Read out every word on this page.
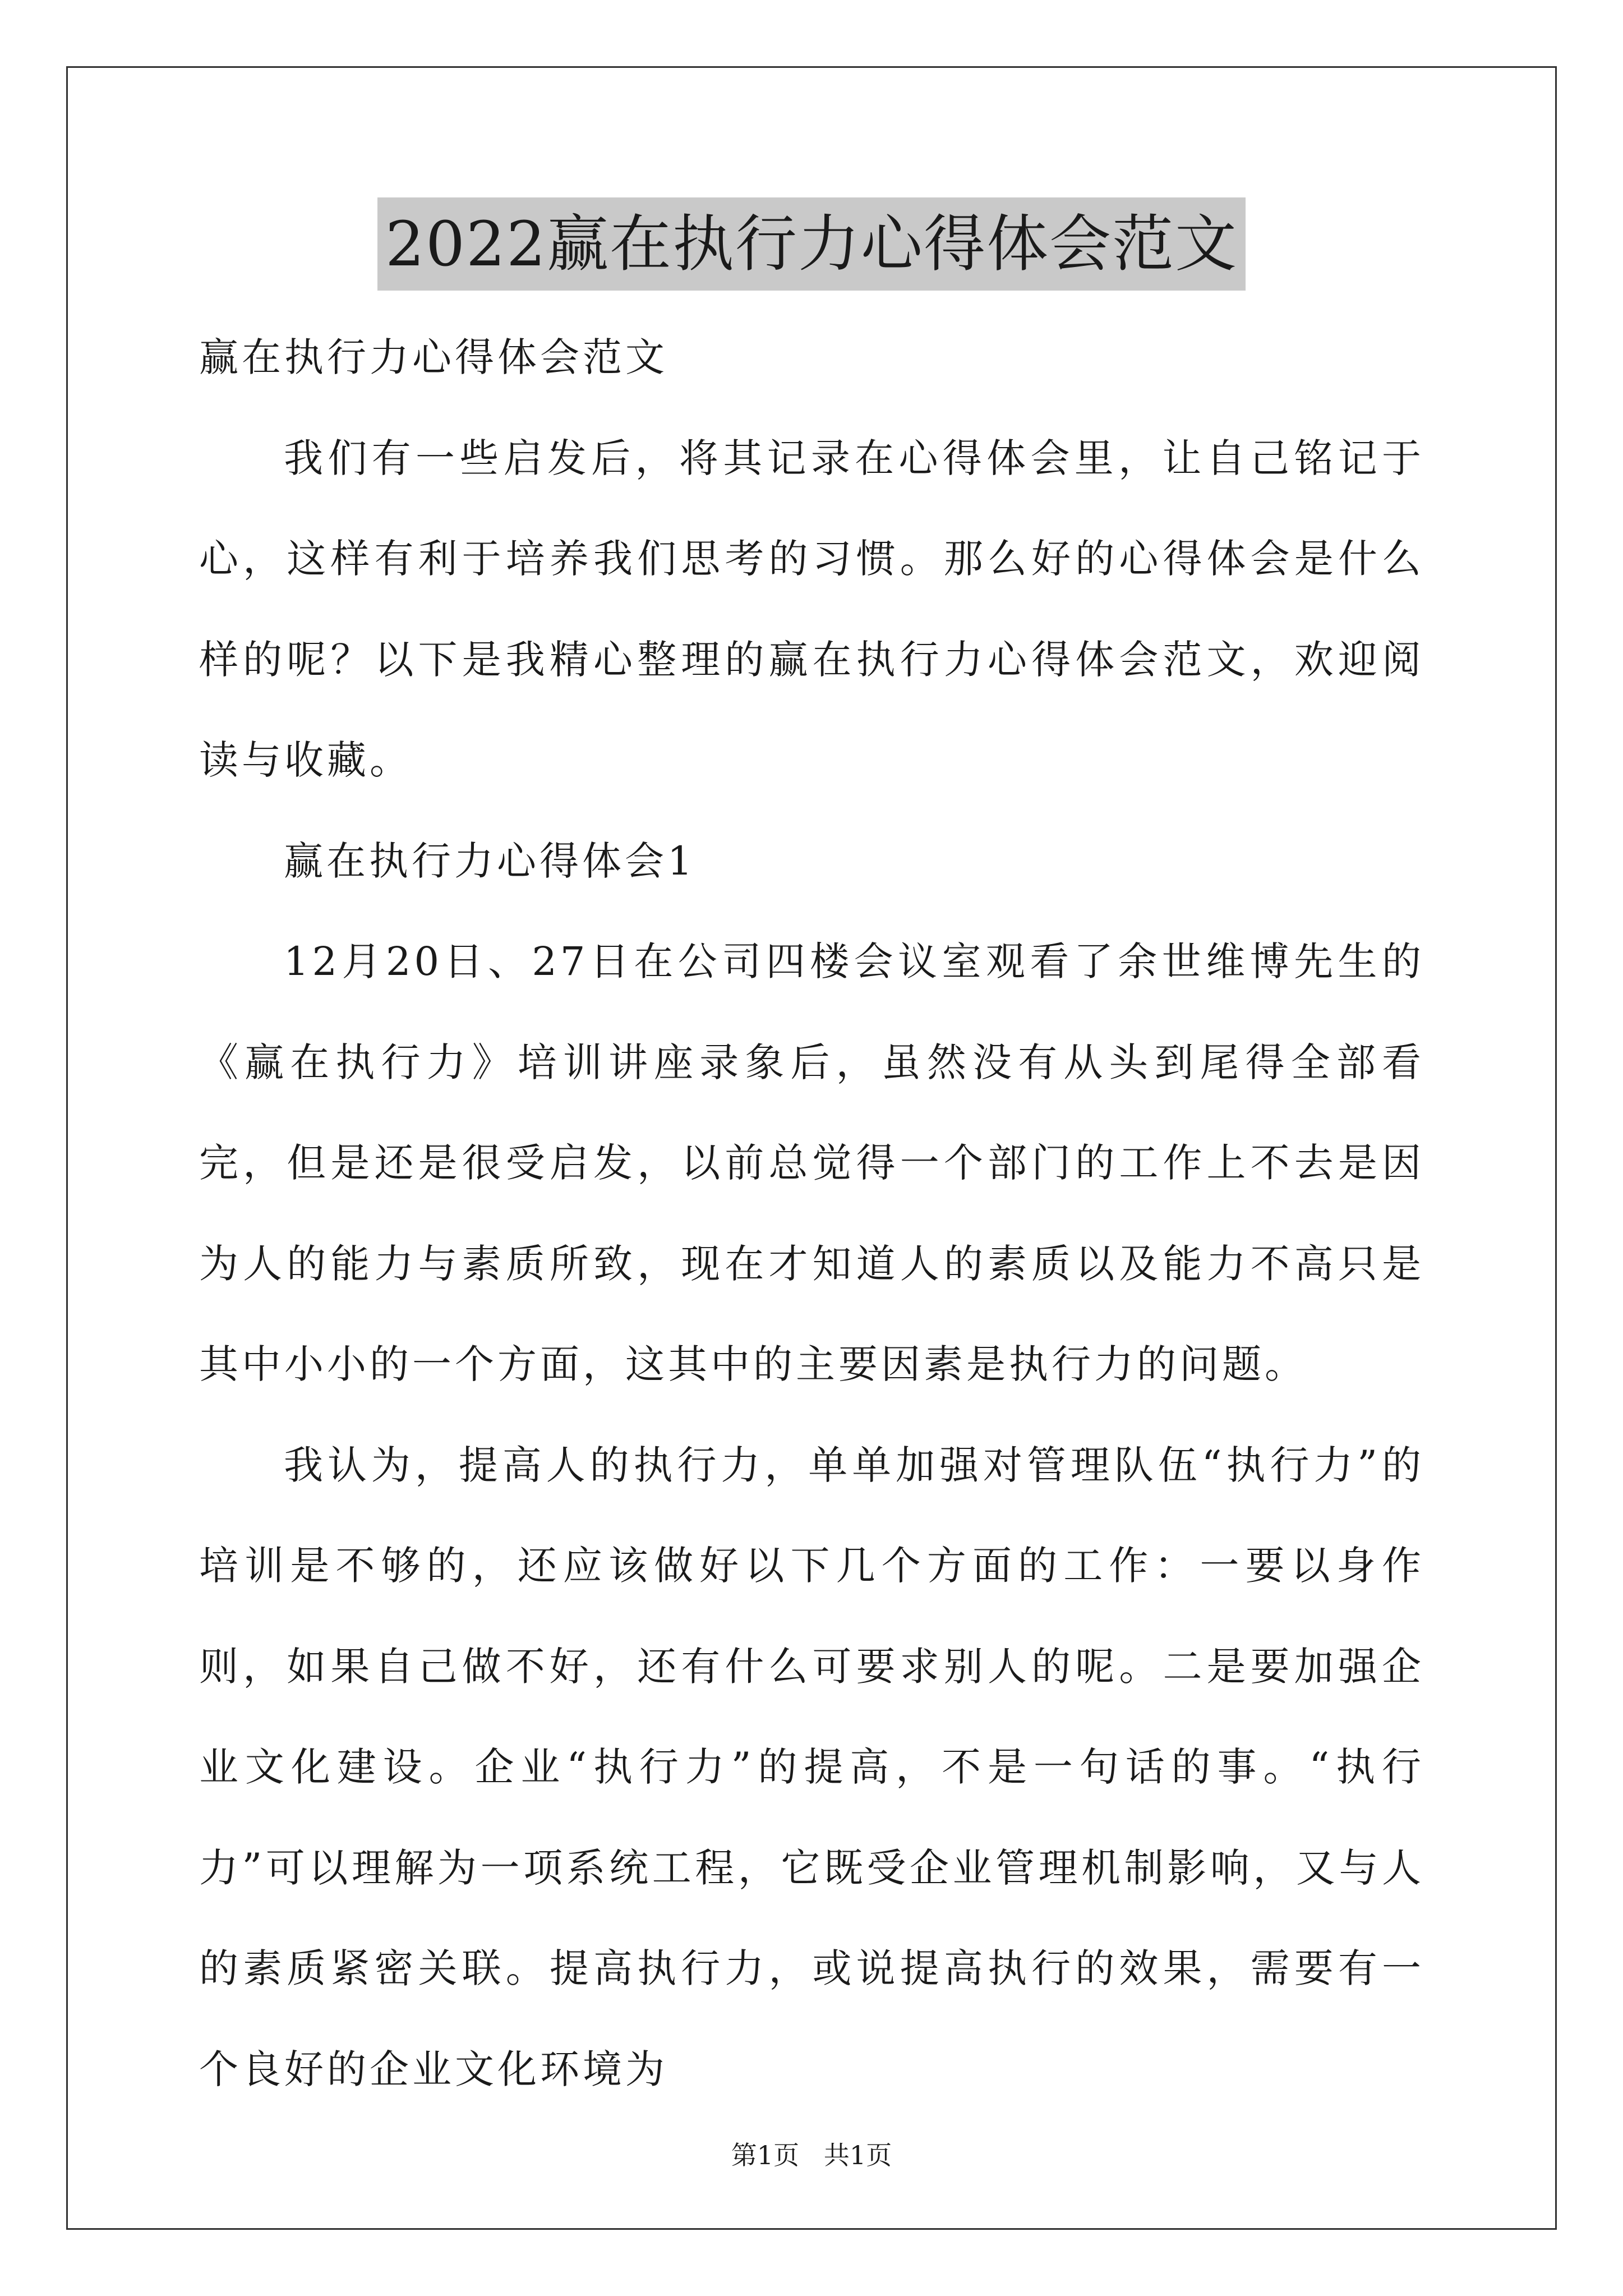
2022赢在执行力心得体会范文

赢在执行力心得体会范文

我们有一些启发后，将其记录在心得体会里，让自己铭记于心，这样有利于培养我们思考的习惯。那么好的心得体会是什么样的呢？以下是我精心整理的赢在执行力心得体会范文，欢迎阅读与收藏。

赢在执行力心得体会1

12月20日、27日在公司四楼会议室观看了余世维博先生的《赢在执行力》培训讲座录象后，虽然没有从头到尾得全部看完，但是还是很受启发，以前总觉得一个部门的工作上不去是因为人的能力与素质所致，现在才知道人的素质以及能力不高只是其中小小的一个方面，这其中的主要因素是执行力的问题。

我认为，提高人的执行力，单单加强对管理队伍“执行力”的培训是不够的，还应该做好以下几个方面的工作：一要以身作则，如果自己做不好，还有什么可要求别人的呢。二是要加强企业文化建设。企业“执行力”的提高，不是一句话的事。“执行力”可以理解为一项系统工程，它既受企业管理机制影响，又与人的素质紧密关联。提高执行力，或说提高执行的效果，需要有一个良好的企业文化环境为

第1页   共1页
